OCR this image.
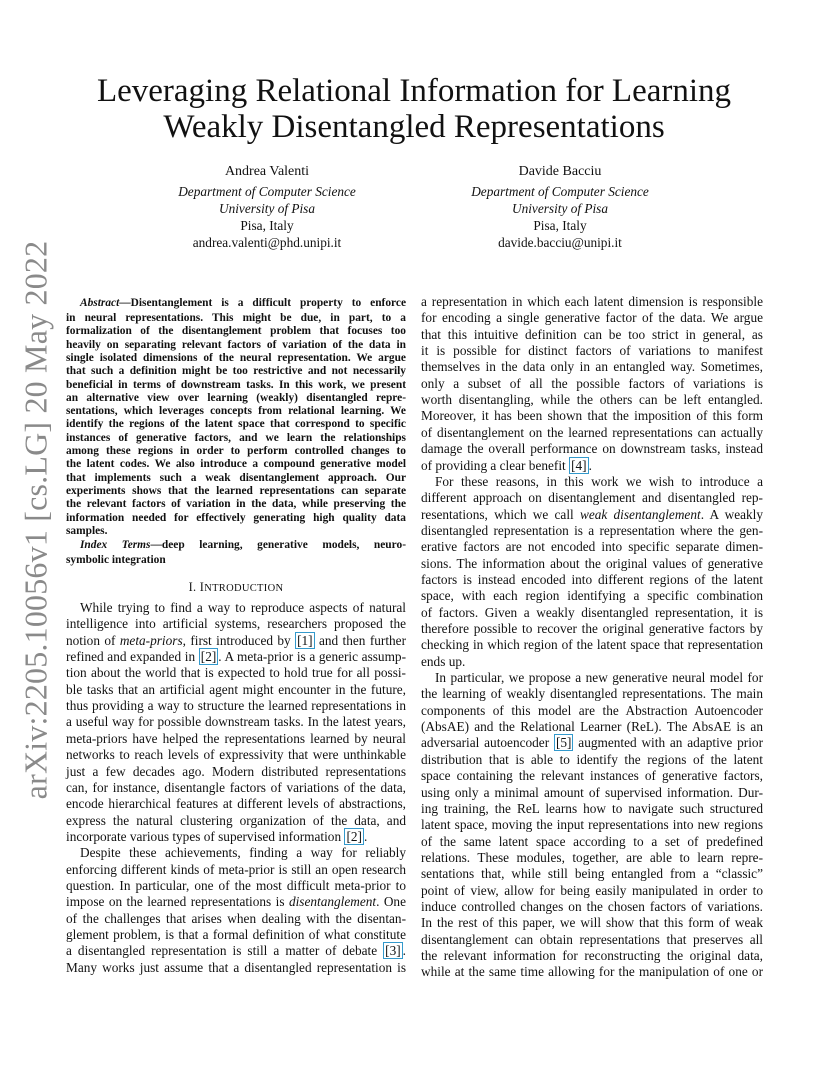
Leveraging Relational Information for Learning
Weakly Disentangled Representations
Andrea Valenti
Department of Computer Science
University of Pisa
Pisa, Italy
andrea.valenti@phd.unipi.it
Davide Bacciu
Department of Computer Science
University of Pisa
Pisa, Italy
davide.bacciu@unipi.it
arXiv:2205.10056v1 [cs.LG] 20 May 2022	Abstract—Disentanglement is a difficult property to enforce
in neural representations. This might be due, in part, to a
formalization of the disentanglement problem that focuses too
heavily on separating relevant factors of variation of the data in
single isolated dimensions of the neural representation. We argue
that such a definition might be too restrictive and not necessarily
beneficial in terms of downstream tasks. In this work, we present
an alternative view over learning (weakly) disentangled repre-
sentations, which leverages concepts from relational learning. We
identify the regions of the latent space that correspond to specific
instances of generative factors, and we learn the relationships
among these regions in order to perform controlled changes to
the latent codes. We also introduce a compound generative model
that implements such a weak disentanglement approach. Our
experiments shows that the learned representations can separate
the relevant factors of variation in the data, while preserving the
information needed for effectively generating high quality data
samples.
Index Terms—deep learning, generative models, neuro-
symbolic integration
I. INTRODUCTION
While trying to find a way to reproduce aspects of natural
intelligence into artificial systems, researchers proposed the
notion of meta-priors, first introduced by [1] and then further
refined and expanded in [2] . A meta-prior is a generic assump-
tion about the world that is expected to hold true for all possi-
ble tasks that an artificial agent might encounter in the future,
thus providing a way to structure the learned representations in
a useful way for possible downstream tasks. In the latest years,
meta-priors have helped the representations learned by neural
networks to reach levels of expressivity that were unthinkable
just a few decades ago. Modern distributed representations
can, for instance, disentangle factors of variations of the data,
encode hierarchical features at different levels of abstractions,
express the natural clustering organization of the data, and
incorporate various types of supervised information [2] .
Despite these achievements, finding a way for reliably
enforcing different kinds of meta-prior is still an open research
question. In particular, one of the most difficult meta-prior to
impose on the learned representations is disentanglement. One
of the challenges that arises when dealing with the disentan-
glement problem, is that a formal definition of what constitute
a disentangled representation is still a matter of debate [3] .
Many works just assume that a disentangled representation is
a representation in which each latent dimension is responsible
for encoding a single generative factor of the data. We argue
that this intuitive definition can be too strict in general, as
it is possible for distinct factors of variations to manifest
themselves in the data only in an entangled way. Sometimes,
only a subset of all the possible factors of variations is
worth disentangling, while the others can be left entangled.
Moreover, it has been shown that the imposition of this form
of disentanglement on the learned representations can actually
damage the overall performance on downstream tasks, instead
of providing a clear benefit [4] .
For these reasons, in this work we wish to introduce a
different approach on disentanglement and disentangled rep-
resentations, which we call weak disentanglement. A weakly
disentangled representation is a representation where the gen-
erative factors are not encoded into specific separate dimen-
sions. The information about the original values of generative
factors is instead encoded into different regions of the latent
space, with each region identifying a specific combination
of factors. Given a weakly disentangled representation, it is
therefore possible to recover the original generative factors by
checking in which region of the latent space that representation
ends up.
In particular, we propose a new generative neural model for
the learning of weakly disentangled representations. The main
components of this model are the Abstraction Autoencoder
(AbsAE) and the Relational Learner (ReL). The AbsAE is an
adversarial autoencoder [5] augmented with an adaptive prior
distribution that is able to identify the regions of the latent
space containing the relevant instances of generative factors,
using only a minimal amount of supervised information. Dur-
ing training, the ReL learns how to navigate such structured
latent space, moving the input representations into new regions
of the same latent space according to a set of predefined
relations. These modules, together, are able to learn repre-
sentations that, while still being entangled from a “classic”
point of view, allow for being easily manipulated in order to
induce controlled changes on the chosen factors of variations.
In the rest of this paper, we will show that this form of weak
disentanglement can obtain representations that preserves all
the relevant information for reconstructing the original data,
while at the same time allowing for the manipulation of one or
